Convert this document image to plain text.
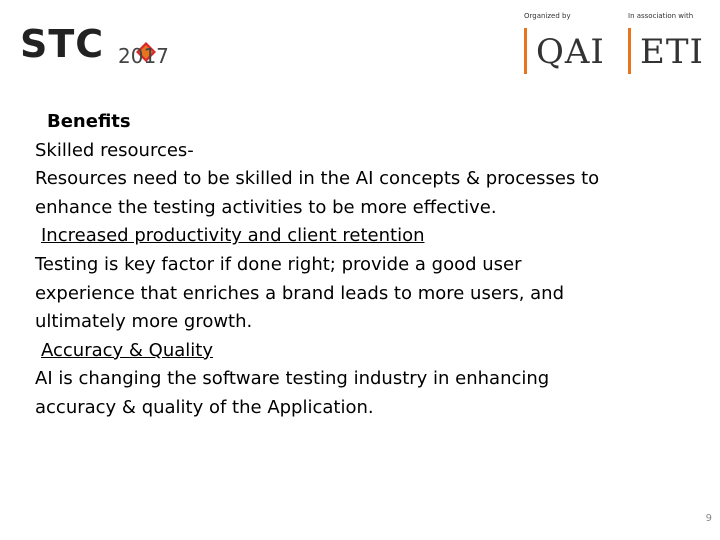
STC 2017
Organized by
QAI
In association with
ETI
Benefits
Skilled resources-
Resources need to be skilled in the AI concepts & processes to
enhance the testing activities to be more effective.
Increased productivity and client retention
Testing is key factor if done right; provide a good user
experience that enriches a brand leads to more users, and
ultimately more growth.
Accuracy & Quality
AI is changing the software testing industry in enhancing
accuracy & quality of the Application.
9
